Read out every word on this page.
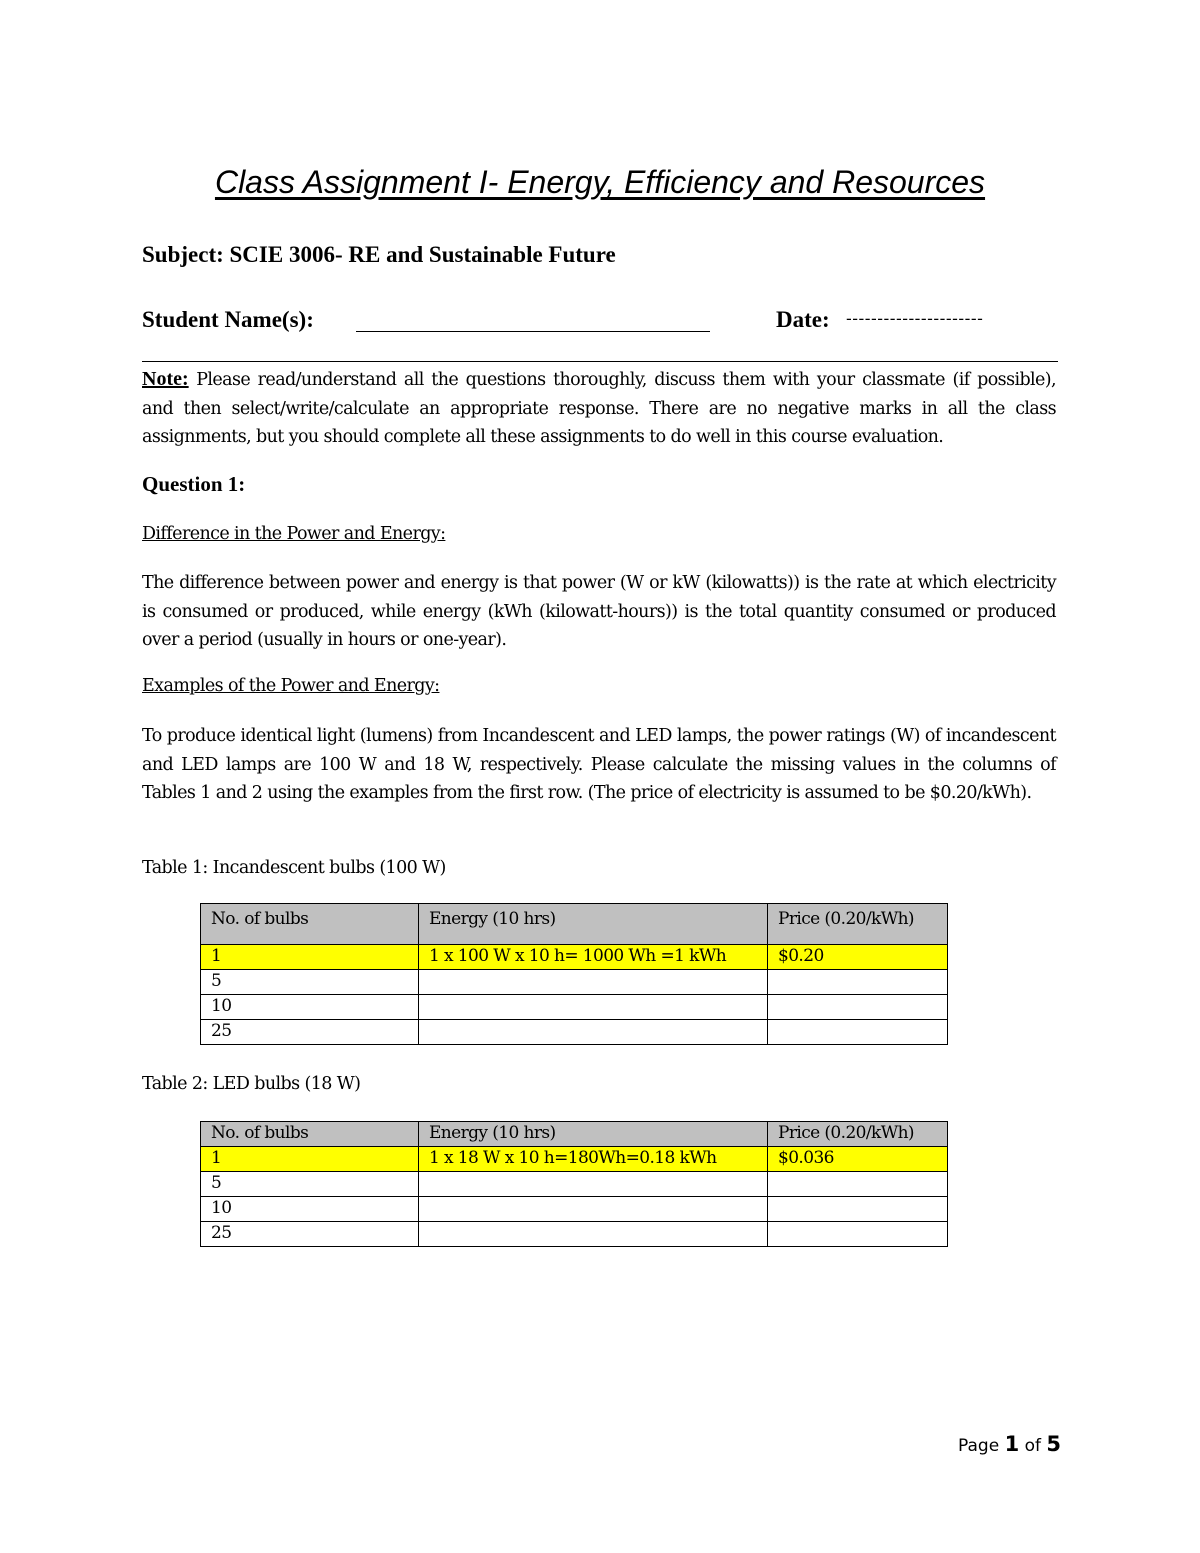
Class Assignment I- Energy, Efficiency and Resources
Subject: SCIE 3006- RE and Sustainable Future
Student Name(s):	Date: ----------------------
Note: Please read/understand all the questions thoroughly, discuss them with your classmate (if possible), and then select/write/calculate an appropriate response. There are no negative marks in all the class assignments, but you should complete all these assignments to do well in this course evaluation.
Question 1:
Difference in the Power and Energy:
The difference between power and energy is that power (W or kW (kilowatts)) is the rate at which electricity is consumed or produced, while energy (kWh (kilowatt-hours)) is the total quantity consumed or produced over a period (usually in hours or one-year).
Examples of the Power and Energy:
To produce identical light (lumens) from Incandescent and LED lamps, the power ratings (W) of incandescent and LED lamps are 100 W and 18 W, respectively. Please calculate the missing values in the columns of Tables 1 and 2 using the examples from the first row. (The price of electricity is assumed to be $0.20/kWh).
Table 1: Incandescent bulbs (100 W)
No. of bulbs	Energy (10 hrs)	Price (0.20/kWh)
1	1 x 100 W x 10 h= 1000 Wh =1 kWh	$0.20
5		
10		
25		
Table 2: LED bulbs (18 W)
No. of bulbs	Energy (10 hrs)	Price (0.20/kWh)
1	1 x 18 W x 10 h=180Wh=0.18 kWh	$0.036
5		
10		
25		
Page 1 of 5
